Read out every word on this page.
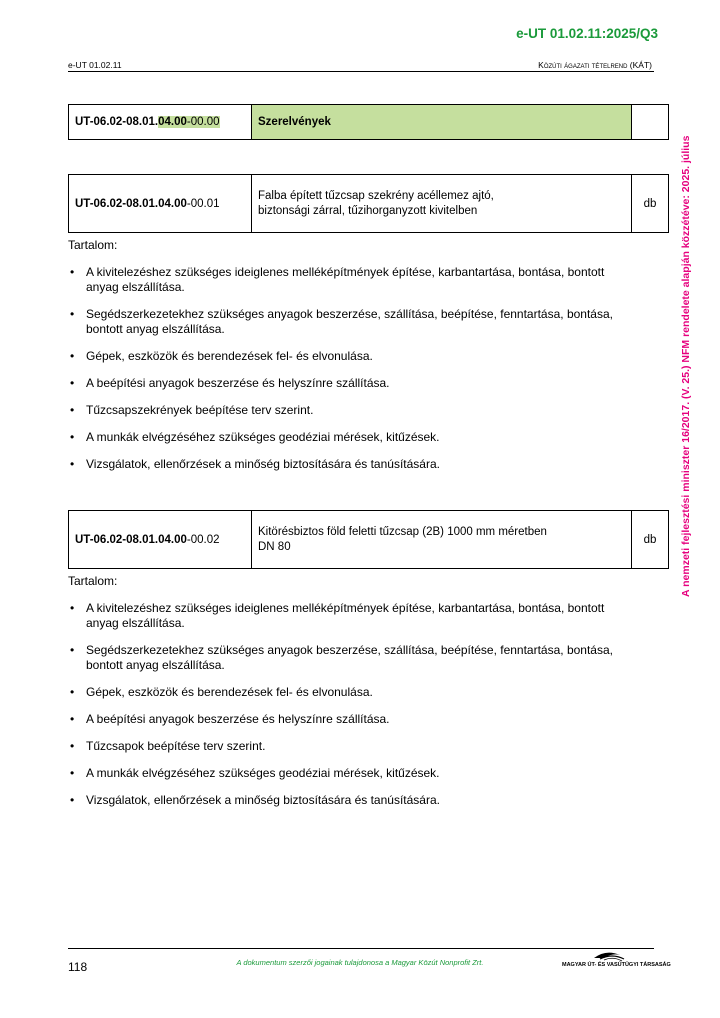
e-UT 01.02.11:2025/Q3
e-UT 01.02.11	Közúti ágazati tételrend (KÁT)
A nemzeti fejlesztési miniszter 16/2017. (V. 25.) NFM rendelete alapján közzétéve: 2025. július
UT-06.02-08.01.04.00-00.00	Szerelvények	
UT-06.02-08.01.04.00-00.01	Falba épített tűzcsap szekrény acéllemez ajtó,
biztonsági zárral, tűzihorganyzott kivitelben	db
Tartalom:
• A kivitelezéshez szükséges ideiglenes melléképítmények építése, karbantartása, bontása, bontott anyag elszállítása.
• Segédszerkezetekhez szükséges anyagok beszerzése, szállítása, beépítése, fenntartása, bontása, bontott anyag elszállítása.
• Gépek, eszközök és berendezések fel- és elvonulása.
• A beépítési anyagok beszerzése és helyszínre szállítása.
• Tűzcsapszekrények beépítése terv szerint.
• A munkák elvégzéséhez szükséges geodéziai mérések, kitűzések.
• Vizsgálatok, ellenőrzések a minőség biztosítására és tanúsítására.
UT-06.02-08.01.04.00-00.02	Kitörésbiztos föld feletti tűzcsap (2B) 1000 mm méretben
DN 80	db
Tartalom:
• A kivitelezéshez szükséges ideiglenes melléképítmények építése, karbantartása, bontása, bontott anyag elszállítása.
• Segédszerkezetekhez szükséges anyagok beszerzése, szállítása, beépítése, fenntartása, bontása, bontott anyag elszállítása.
• Gépek, eszközök és berendezések fel- és elvonulása.
• A beépítési anyagok beszerzése és helyszínre szállítása.
• Tűzcsapok beépítése terv szerint.
• A munkák elvégzéséhez szükséges geodéziai mérések, kitűzések.
• Vizsgálatok, ellenőrzések a minőség biztosítására és tanúsítására.
118	A dokumentum szerzői jogainak tulajdonosa a Magyar Közút Nonprofit Zrt.	MAGYAR ÚT- ÉS VASÚTÜGYI TÁRSASÁG
